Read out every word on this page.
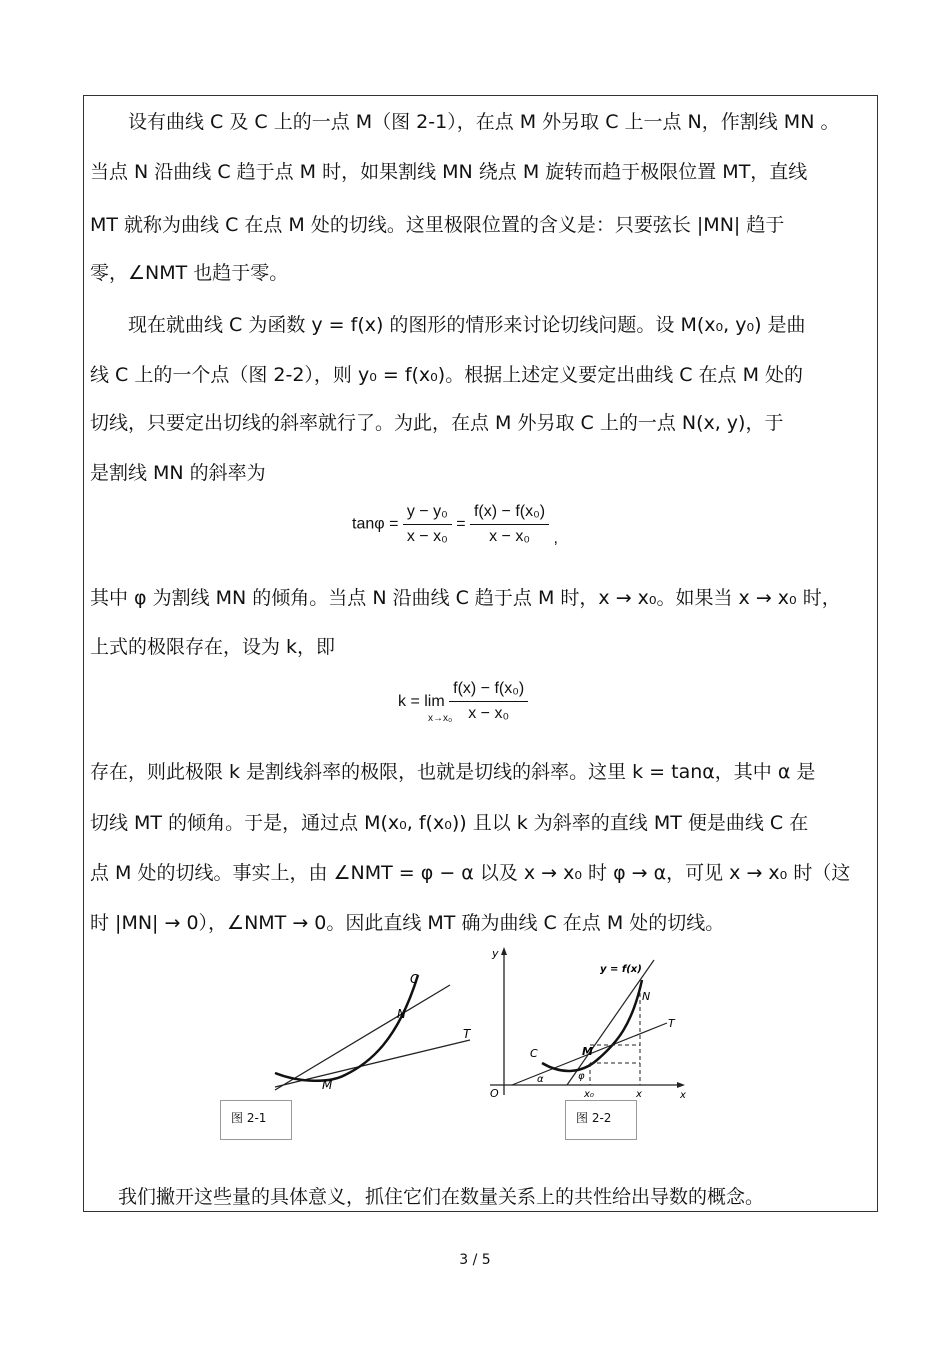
设有曲线 C 及 C 上的一点 M（图 2-1），在点 M 外另取 C 上一点 N，作割线 MN 。
当点 N 沿曲线 C 趋于点 M 时，如果割线 MN 绕点 M 旋转而趋于极限位置 MT，直线
MT 就称为曲线 C 在点 M 处的切线。这里极限位置的含义是：只要弦长 |MN| 趋于
零，∠NMT 也趋于零。
现在就曲线 C 为函数 y = f(x) 的图形的情形来讨论切线问题。设 M(x₀, y₀) 是曲
线 C 上的一个点（图 2-2），则 y₀ = f(x₀)。根据上述定义要定出曲线 C 在点 M 处的
切线，只要定出切线的斜率就行了。为此，在点 M 外另取 C 上的一点 N(x, y)，于
是割线 MN 的斜率为
$\tan\varphi = \frac{\text{y − y₀}}{\text{x − x₀}} = \frac{\text{f(x) − f(x₀)}}{\text{x − x₀}}$ ,
其中 φ 为割线 MN 的倾角。当点 N 沿曲线 C 趋于点 M 时，x → x₀。如果当 x → x₀ 时，
上式的极限存在，设为 k，即
k = lim
x→x₀

$\frac{\text{f(x) − f(x₀)}}{\text{x − x₀}}$
存在，则此极限 k 是割线斜率的极限，也就是切线的斜率。这里 k = tanα，其中 α 是
切线 MT 的倾角。于是，通过点 M(x₀, f(x₀)) 且以 k 为斜率的直线 MT 便是曲线 C 在
点 M 处的切线。事实上，由 ∠NMT = φ − α 以及 x → x₀ 时 φ → α，可见 x → x₀ 时（这
时 |MN| → 0），∠NMT → 0。因此直线 MT 确为曲线 C 在点 M 处的切线。
C
N
M
T
图 2-1
y
y = f(x)
N
T
C	M
α	φ
O	x₀	x	x
图 2-2
我们撇开这些量的具体意义，抓住它们在数量关系上的共性给出导数的概念。
3 / 5
